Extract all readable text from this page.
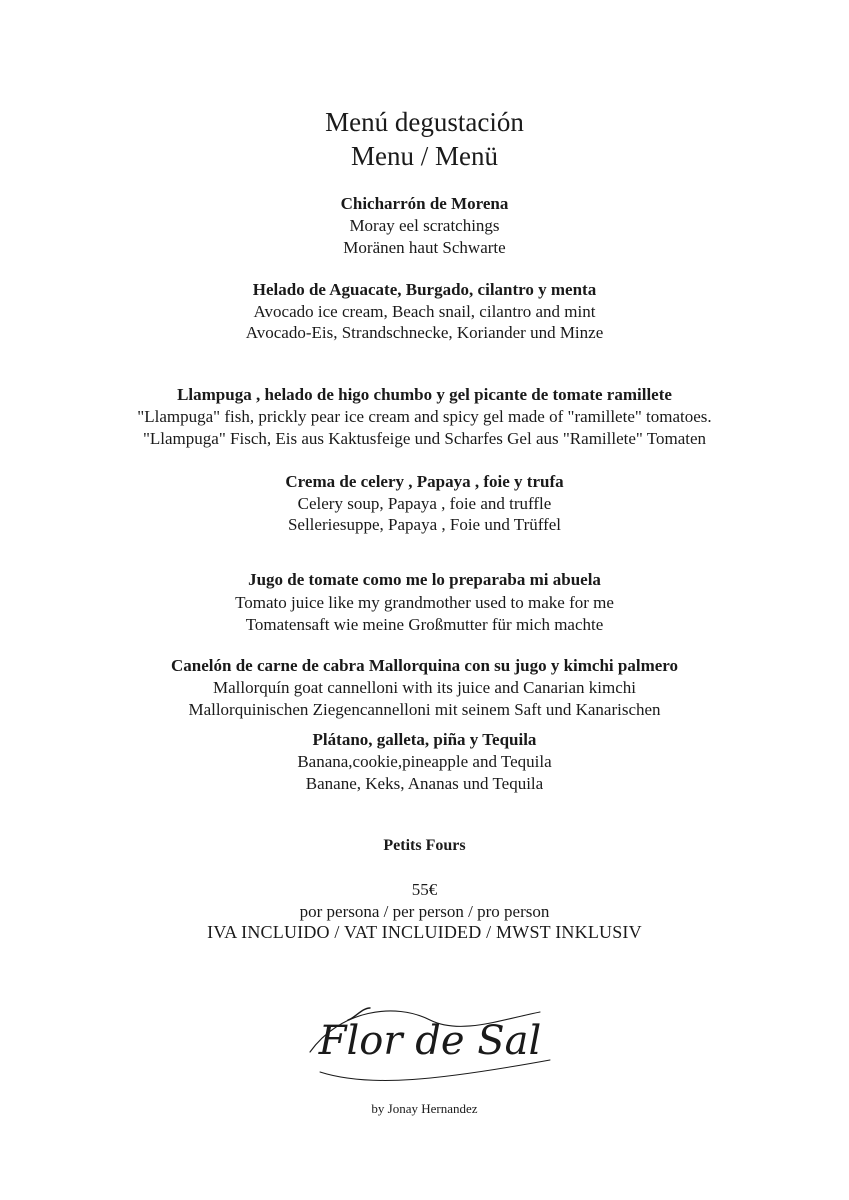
Menú degustación
Menu / Menü
Chicharrón de Morena
Moray eel scratchings
Moränen haut Schwarte
Helado de Aguacate, Burgado, cilantro y menta
Avocado ice cream, Beach snail, cilantro and mint
Avocado-Eis, Strandschnecke, Koriander und Minze
Llampuga , helado de higo chumbo y gel picante de tomate ramillete
"Llampuga" fish, prickly pear ice cream and spicy gel made of "ramillete" tomatoes.
"Llampuga" Fisch, Eis aus Kaktusfeige und Scharfes Gel aus "Ramillete" Tomaten
Crema de celery , Papaya , foie y trufa
Celery soup, Papaya , foie and truffle
Selleriesuppe, Papaya , Foie und Trüffel
Jugo de tomate como me lo preparaba mi abuela
Tomato juice like my grandmother used to make for me
Tomatensaft wie meine Großmutter für mich machte
Canelón de carne de cabra Mallorquina con su jugo y kimchi palmero
Mallorquín goat cannelloni with its juice and Canarian kimchi
Mallorquinischen Ziegencannelloni mit seinem Saft und Kanarischen
Plátano, galleta, piña y Tequila
Banana,cookie,pineapple and Tequila
Banane, Keks, Ananas und Tequila
Petits Fours
55€
por persona / per person / pro person
IVA INCLUIDO / VAT INCLUIDED / MWST INKLUSIV
Flor de Sal
by Jonay Hernandez
